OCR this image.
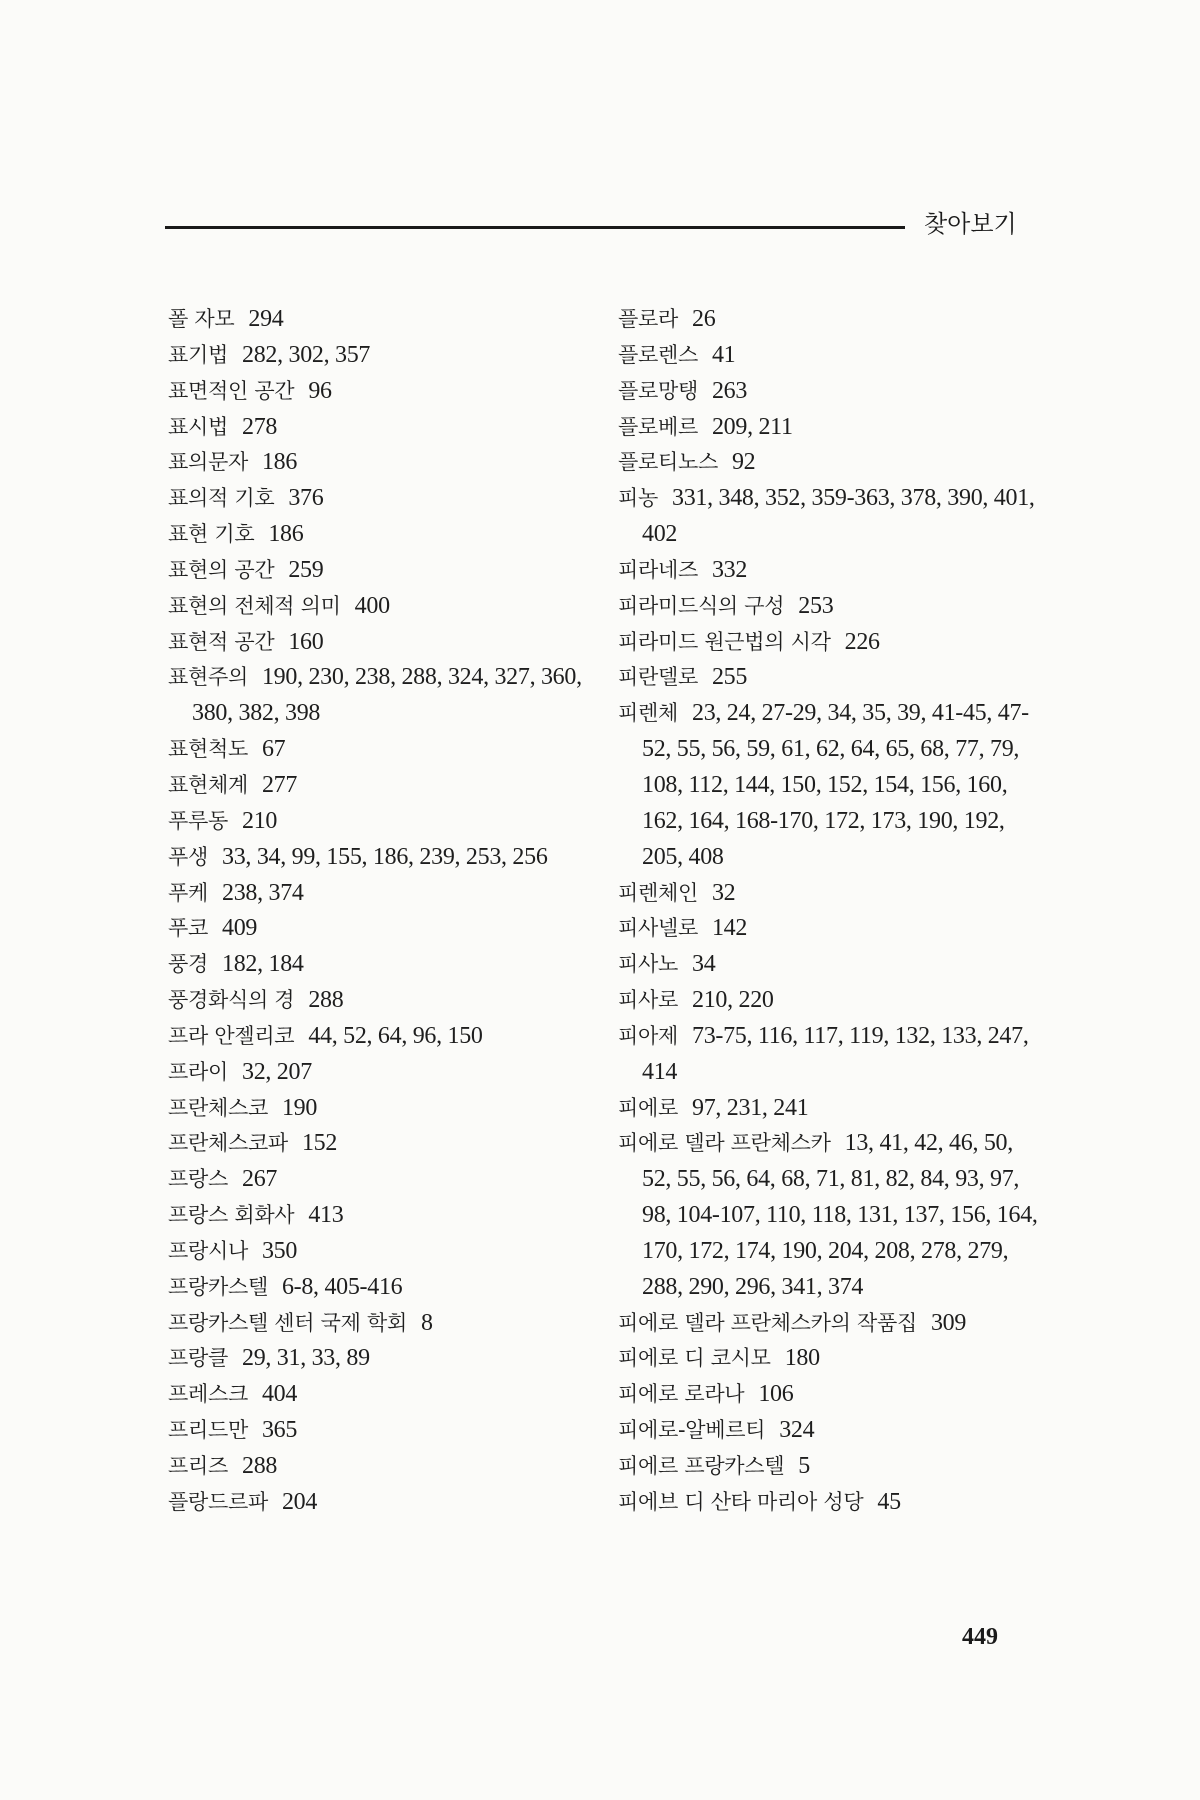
찾아보기
폴 자모 294
표기법 282, 302, 357
표면적인 공간 96
표시법 278
표의문자 186
표의적 기호 376
표현 기호 186
표현의 공간 259
표현의 전체적 의미 400
표현적 공간 160
표현주의 190, 230, 238, 288, 324, 327, 360, 380, 382, 398
표현척도 67
표현체계 277
푸루동 210
푸생 33, 34, 99, 155, 186, 239, 253, 256
푸케 238, 374
푸코 409
풍경 182, 184
풍경화식의 경 288
프라 안젤리코 44, 52, 64, 96, 150
프라이 32, 207
프란체스코 190
프란체스코파 152
프랑스 267
프랑스 회화사 413
프랑시나 350
프랑카스텔 6-8, 405-416
프랑카스텔 센터 국제 학회 8
프랑클 29, 31, 33, 89
프레스크 404
프리드만 365
프리즈 288
플랑드르파 204
플로라 26
플로렌스 41
플로망탱 263
플로베르 209, 211
플로티노스 92
피농 331, 348, 352, 359-363, 378, 390, 401, 402
피라네즈 332
피라미드식의 구성 253
피라미드 원근법의 시각 226
피란델로 255
피렌체 23, 24, 27-29, 34, 35, 39, 41-45, 47-52, 55, 56, 59, 61, 62, 64, 65, 68, 77, 79, 108, 112, 144, 150, 152, 154, 156, 160, 162, 164, 168-170, 172, 173, 190, 192, 205, 408
피렌체인 32
피사넬로 142
피사노 34
피사로 210, 220
피아제 73-75, 116, 117, 119, 132, 133, 247, 414
피에로 97, 231, 241
피에로 델라 프란체스카 13, 41, 42, 46, 50, 52, 55, 56, 64, 68, 71, 81, 82, 84, 93, 97, 98, 104-107, 110, 118, 131, 137, 156, 164, 170, 172, 174, 190, 204, 208, 278, 279, 288, 290, 296, 341, 374
피에로 델라 프란체스카의 작품집 309
피에로 디 코시모 180
피에로 로라나 106
피에로-알베르티 324
피에르 프랑카스텔 5
피에브 디 산타 마리아 성당 45
449
